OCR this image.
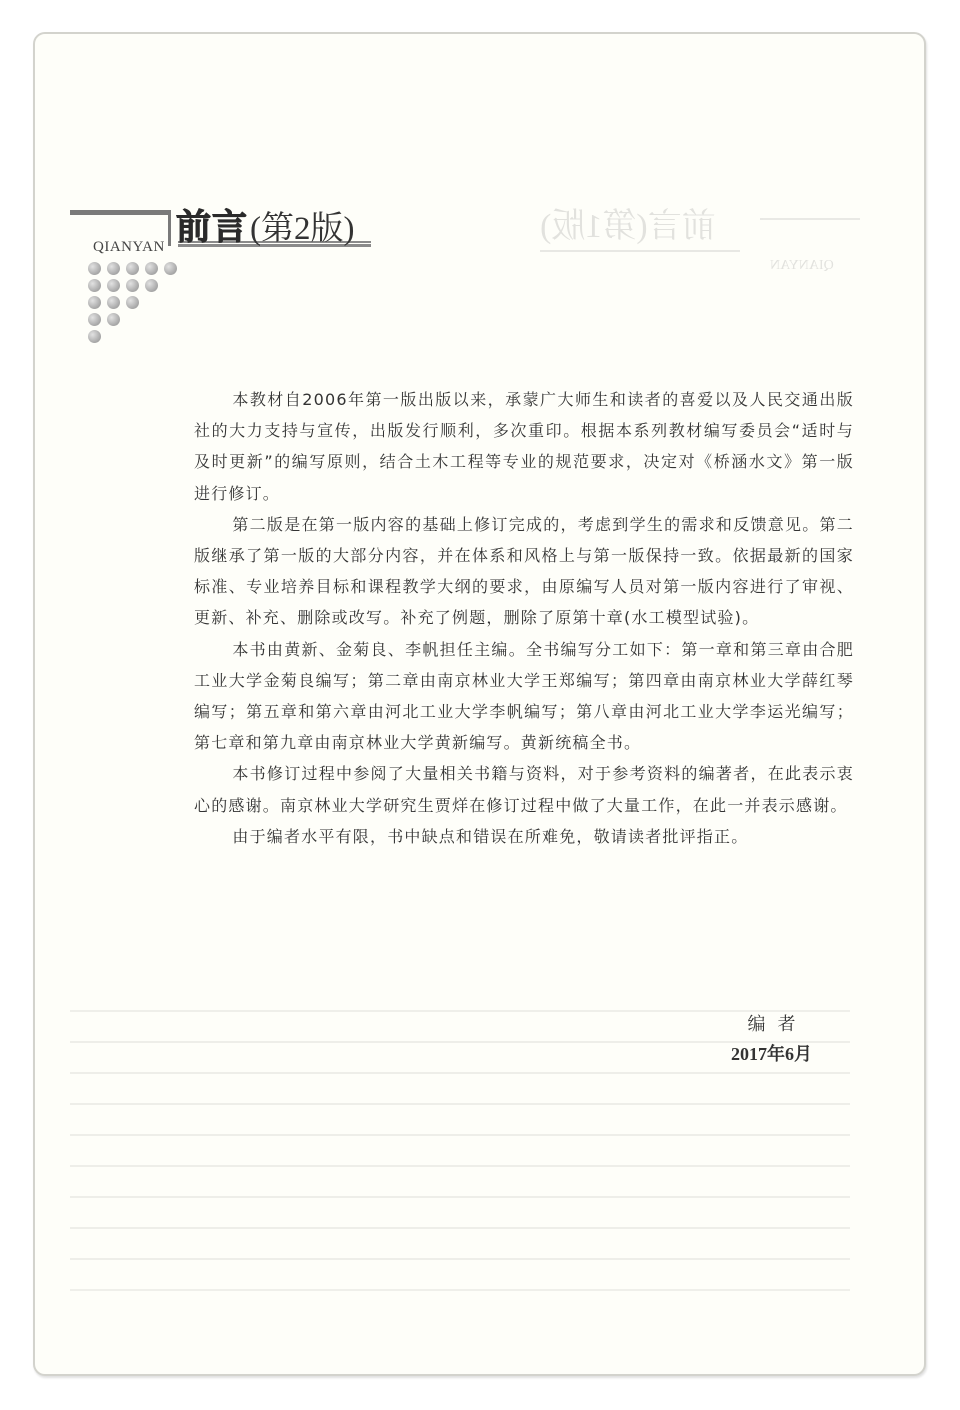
前言(第1版)
QIANYAN
前言 (第2版)
QIANYAN

本教材自2006年第一版出版以来，承蒙广大师生和读者的喜爱以及人民交通出版社的大力支持与宣传，出版发行顺利，多次重印。根据本系列教材编写委员会“适时与及时更新”的编写原则，结合土木工程等专业的规范要求，决定对《桥涵水文》第一版进行修订。

第二版是在第一版内容的基础上修订完成的，考虑到学生的需求和反馈意见。第二版继承了第一版的大部分内容，并在体系和风格上与第一版保持一致。依据最新的国家标准、专业培养目标和课程教学大纲的要求，由原编写人员对第一版内容进行了审视、更新、补充、删除或改写。补充了例题，删除了原第十章(水工模型试验)。

本书由黄新、金菊良、李帆担任主编。全书编写分工如下：第一章和第三章由合肥工业大学金菊良编写；第二章由南京林业大学王郑编写；第四章由南京林业大学薛红琴编写；第五章和第六章由河北工业大学李帆编写；第八章由河北工业大学李运光编写；第七章和第九章由南京林业大学黄新编写。黄新统稿全书。

本书修订过程中参阅了大量相关书籍与资料，对于参考资料的编著者，在此表示衷心的感谢。南京林业大学研究生贾烊在修订过程中做了大量工作，在此一并表示感谢。

由于编者水平有限，书中缺点和错误在所难免，敬请读者批评指正。

编者
2017年6月
